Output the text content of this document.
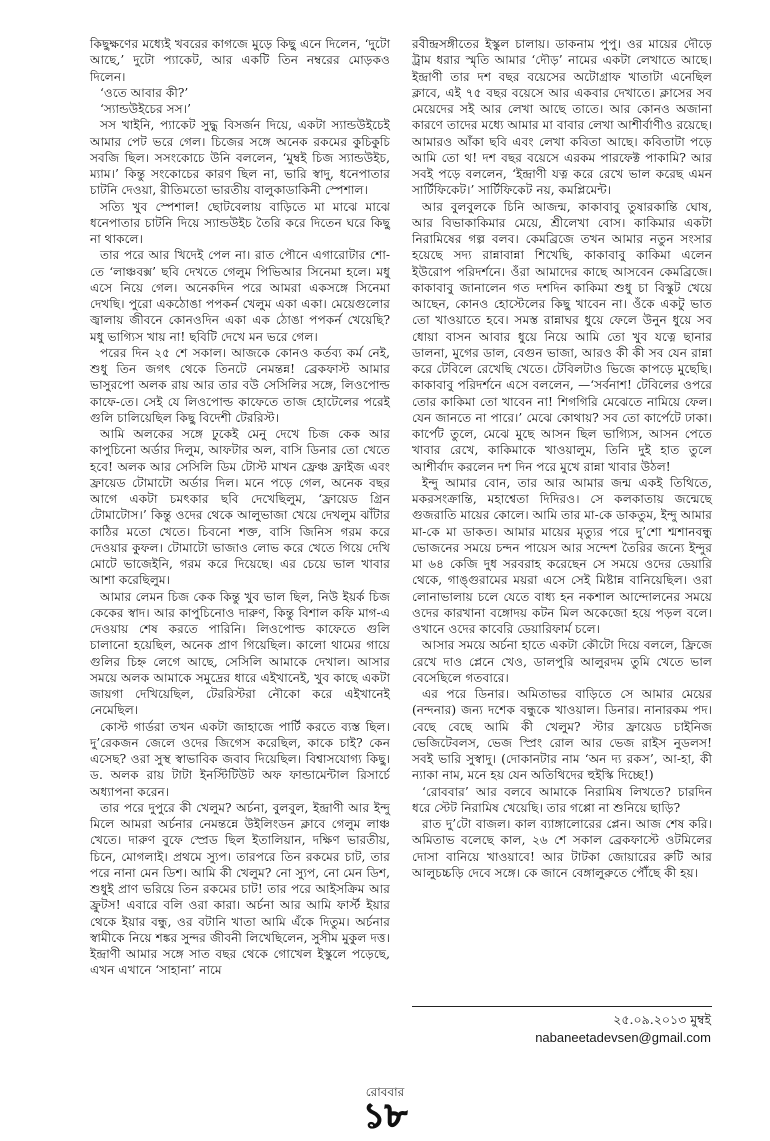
কিছুক্ষণের মধ্যেই খবরের কাগজে মুড়ে কিছু এনে দিলেন, ‘দুটো আছে,’ দুটো প্যাকেট, আর একটি তিন নম্বরের মোড়কও দিলেন।

‘ওতে আবার কী?’

‘স্যান্ডউইচের সস।’

সস খাইনি, প্যাকেট সুদ্ধু বিসর্জন দিয়ে, একটা স্যান্ডউইচেই আমার পেট ভরে গেল। চিজের সঙ্গে অনেক রকমের কুচিকুচি সবজি ছিল। সসংকোচে উনি বললেন, ‘মুম্বই চিজ স্যান্ডউইচ, ম্যাম।’ কিন্তু সংকোচের কারণ ছিল না, ভারি স্বাদু, ধনেপাতার চাটনি দেওয়া, রীতিমতো ভারতীয় বালুকাডাকিনী স্পেশাল।

সত্যি খুব স্পেশাল! ছোটবেলায় বাড়িতে মা মাঝে মাঝে ধনেপাতার চাটনি দিয়ে স্যান্ডউইচ তৈরি করে দিতেন ঘরে কিছু না থাকলে।

তার পরে আর খিদেই পেল না। রাত পৌনে এগারোটার শো-তে ‘লাঞ্চবক্স’ ছবি দেখতে গেলুম পিভিআর সিনেমা হলে। মধু এসে নিয়ে গেল। অনেকদিন পরে আমরা একসঙ্গে সিনেমা দেখছি। পুরো একঠোঙা পপকর্ন খেলুম একা একা। মেয়েগুলোর জ্বালায় জীবনে কোনওদিন একা এক ঠোঙা পপকর্ন খেয়েছি? মধু ভাগ্যিস খায় না! ছবিটি দেখে মন ভরে গেল।

পরের দিন ২৫ শে সকাল। আজকে কোনও কর্তব্য কর্ম নেই, শুধু তিন জগৎ থেকে তিনটে নেমন্তন্ন! ব্রেকফাস্ট আমার ভাসুরপো অলক রায় আর তার বউ সেসিলির সঙ্গে, লিওপোল্ড কাফে-তে। সেই যে লিওপোল্ড কাফেতে তাজ হোটেলের পরেই গুলি চালিয়েছিল কিছু বিদেশী টেররিস্ট।

আমি অলকের সঙ্গে ঢুকেই মেনু দেখে চিজ কেক আর কাপুচিনো অর্ডার দিলুম, আফটার অল, বাসি ডিনার তো খেতে হবে! অলক আর সেসিলি ডিম টোস্ট মাখন ফ্রেঞ্চ ফ্রাইজ এবং ফ্রায়েড টোমাটো অর্ডার দিল। মনে পড়ে গেল, অনেক বছর আগে একটা চমৎকার ছবি দেখেছিলুম, ‘ফ্রায়েড গ্রিন টোমাটোস।’ কিন্তু ওদের থেকে আলুভাজা খেয়ে দেখলুম ঝাঁটার কাঠির মতো খেতে। চিবনো শক্ত, বাসি জিনিস গরম করে দেওয়ার কুফল। টোমাটো ভাজাও লোভ করে খেতে গিয়ে দেখি মোটে ভাজেইনি, গরম করে দিয়েছে। এর চেয়ে ভাল খাবার আশা করেছিলুম।

আমার লেমন চিজ কেক কিন্তু খুব ভাল ছিল, নিউ ইয়র্ক চিজ কেকের স্বাদ। আর কাপুচিনোও দারুণ, কিন্তু বিশাল কফি মাগ-এ দেওয়ায় শেষ করতে পারিনি। লিওপোল্ড কাফেতে গুলি চালানো হয়েছিল, অনেক প্রাণ গিয়েছিল। কালো থামের গায়ে গুলির চিহ্ন লেগে আছে, সেসিলি আমাকে দেখাল। আসার সময়ে অলক আমাকে সমুদ্রের ধারে এইখানেই, খুব কাছে একটা জায়গা দেখিয়েছিল, টেররিস্টরা নৌকো করে এইখানেই নেমেছিল।

কোস্ট গার্ডরা তখন একটা জাহাজে পার্টি করতে ব্যস্ত ছিল। দু’রেকজন জেলে ওদের জিগেস করেছিল, কাকে চাই? কেন এসেছ? ওরা সুস্থ স্বাভাবিক জবাব দিয়েছিল। বিশ্বাসযোগ্য কিছু। ড. অলক রায় টাটা ইনস্টিটিউট অফ ফান্ডামেন্টাল রিসার্চে অধ্যাপনা করেন।

তার পরে দুপুরে কী খেলুম? অর্চনা, বুলবুল, ইন্দ্রাণী আর ইন্দু মিলে আমরা অর্চনার নেমন্তন্নে উইলিংডন ক্লাবে গেলুম লাঞ্চ খেতে। দারুণ বুফে স্প্রেড ছিল ইতালিয়ান, দক্ষিণ ভারতীয়, চিনে, মোগলাই। প্রথমে স্যুপ। তারপরে তিন রকমের চাট, তার পরে নানা মেন ডিশ। আমি কী খেলুম? নো স্যুপ, নো মেন ডিশ, শুধুই প্রাণ ভরিয়ে তিন রকমের চাট! তার পরে আইসক্রিম আর ফ্রুটস! এবারে বলি ওরা কারা। অর্চনা আর আমি ফার্স্ট ইয়ার থেকে ইয়ার বন্ধু, ওর বটানি খাতা আমি এঁকে দিতুম। অর্চনার স্বামীকে নিয়ে শঙ্কর সুন্দর জীবনী লিখেছিলেন, সুসীম মুকুল দত্ত। ইন্দ্রাণী আমার সঙ্গে সাত বছর থেকে গোখেল ইস্কুলে পড়েছে, এখন এখানে ‘সাহানা’ নামে

রবীন্দ্রসঙ্গীতের ইস্কুল চালায়। ডাকনাম পুপু। ওর মায়ের দৌড়ে ট্রাম ধরার স্মৃতি আমার ‘দৌড়’ নামের একটা লেখাতে আছে। ইন্দ্রাণী তার দশ বছর বয়েসের অটোগ্রাফ খাতাটা এনেছিল ক্লাবে, এই ৭৫ বছর বয়েসে আর একবার দেখাতে। ক্লাসের সব মেয়েদের সই আর লেখা আছে তাতে। আর কোনও অজানা কারণে তাদের মধ্যে আমার মা বাবার লেখা আশীর্বাণীও রয়েছে। আমারও আঁকা ছবি এবং লেখা কবিতা আছে। কবিতাটা পড়ে আমি তো থ! দশ বছর বয়েসে এরকম পারফেক্ট পাকামি? আর সবই পড়ে বললেন, ‘ইন্দ্রাণী যত্ন করে রেখে ভাল করেছ এমন সার্টিফিকেট।’ সার্টিফিকেট নয়, কমপ্লিমেন্ট।

আর বুলবুলকে চিনি আজন্ম, কাকাবাবু তুষারকান্তি ঘোষ, আর বিভাকাকিমার মেয়ে, শ্রীলেখা বোস। কাকিমার একটা নিরামিষের গল্প বলব। কেমব্রিজে তখন আমার নতুন সংসার হয়েছে সদ্য রান্নাবান্না শিখেছি, কাকাবাবু কাকিমা এলেন ইউরোপ পরিদর্শনে। ওঁরা আমাদের কাছে আসবেন কেমব্রিজে। কাকাবাবু জানালেন গত দশদিন কাকিমা শুধু চা বিস্কুট খেয়ে আছেন, কোনও হোস্টেলের কিছু খাবেন না। ওঁকে একটু ভাত তো খাওয়াতে হবে। সমস্ত রান্নাঘর ধুয়ে ফেলে উনুন ধুয়ে সব ধোয়া বাসন আবার ধুয়ে নিয়ে আমি তো খুব যত্নে ছানার ডালনা, মুগের ডাল, বেগুন ভাজা, আরও কী কী সব যেন রান্না করে টেবিলে রেখেছি খেতে। টেবিলটাও ভিজে কাপড়ে মুছেছি। কাকাবাবু পরিদর্শনে এসে বললেন, —‘সর্বনাশ! টেবিলের ওপরে তোর কাকিমা তো খাবেন না! শিগগিরি মেঝেতে নামিয়ে ফেল। যেন জানতে না পারে।’ মেঝে কোথায়? সব তো কার্পেটে ঢাকা। কার্পেট তুলে, মেঝে মুছে আসন ছিল ভাগ্যিস, আসন পেতে খাবার রেখে, কাকিমাকে খাওয়ালুম, তিনি দুই হাত তুলে আশীর্বাদ করলেন দশ দিন পরে মুখে রান্না খাবার উঠল!

ইন্দু আমার বোন, তার আর আমার জন্ম একই তিথিতে, মকরসংক্রান্তি, মহাশ্বেতা দিদিরও। সে কলকাতায় জন্মেছে গুজরাতি মায়ের কোলে। আমি তার মা-কে ডাকতুম, ইন্দু আমার মা-কে মা ডাকত। আমার মায়ের মৃত্যুর পরে দু’শো শ্মশানবন্ধু ভোজনের সময়ে চন্দন পায়েস আর সন্দেশ তৈরির জন্যে ইন্দুর মা ৬৪ কেজি দুধ সরবরাহ করেছেন সে সময়ে ওদের ডেয়ারি থেকে, গাঙ্গুরামের ময়রা এসে সেই মিষ্টান্ন বানিয়েছিল। ওরা লোনাভালায় চলে যেতে বাধ্য হন নকশাল আন্দোলনের সময়ে ওদের কারখানা বঙ্গোদয় কটন মিল অকেজো হয়ে পড়ল বলে। ওখানে ওদের কাবেরি ডেয়ারিফার্ম চলে।

আসার সময়ে অর্চনা হাতে একটা কৌটো দিয়ে বললে, ফ্রিজে রেখে দাও প্লেনে খেও, ডালপুরি আলুরদম তুমি খেতে ভাল বেসেছিলে গতবারে।

এর পরে ডিনার। অমিতাভর বাড়িতে সে আমার মেয়ের (নন্দনার) জন্য দশেক বন্ধুকে খাওয়াল। ডিনার। নানারকম পদ। বেছে বেছে আমি কী খেলুম? স্টার ফ্রায়েড চাইনিজ ভেজিটেবলস, ভেজ স্প্রিং রোল আর ভেজ রাইস নুডলস! সবই ভারি সুস্বাদু। (দোকানটার নাম ‘অন দ্য রকস’, আ-হা, কী ন্যাকা নাম, মনে হয় যেন অতিথিদের হুইস্কি দিচ্ছে!)

‘রোববার’ আর বলবে আমাকে নিরামিষ লিখতে? চারদিন ধরে স্টেট নিরামিষ খেয়েছি। তার গপ্পো না শুনিয়ে ছাড়ি?

রাত দু’টো বাজল। কাল ব্যাঙ্গালোরের প্লেন। আজ শেষ করি। অমিতাভ বলেছে কাল, ২৬ শে সকাল ব্রেকফাস্টে ওটমিলের দোসা বানিয়ে খাওয়াবে! আর টাটকা জোয়ারের রুটি আর আলুচচ্চড়ি দেবে সঙ্গে। কে জানে বেঙ্গালুরুতে পৌঁছে কী হয়।

২৫.০৯.২০১৩ মুম্বই
nabaneetadevsen@gmail.com
রোববার
১৮
